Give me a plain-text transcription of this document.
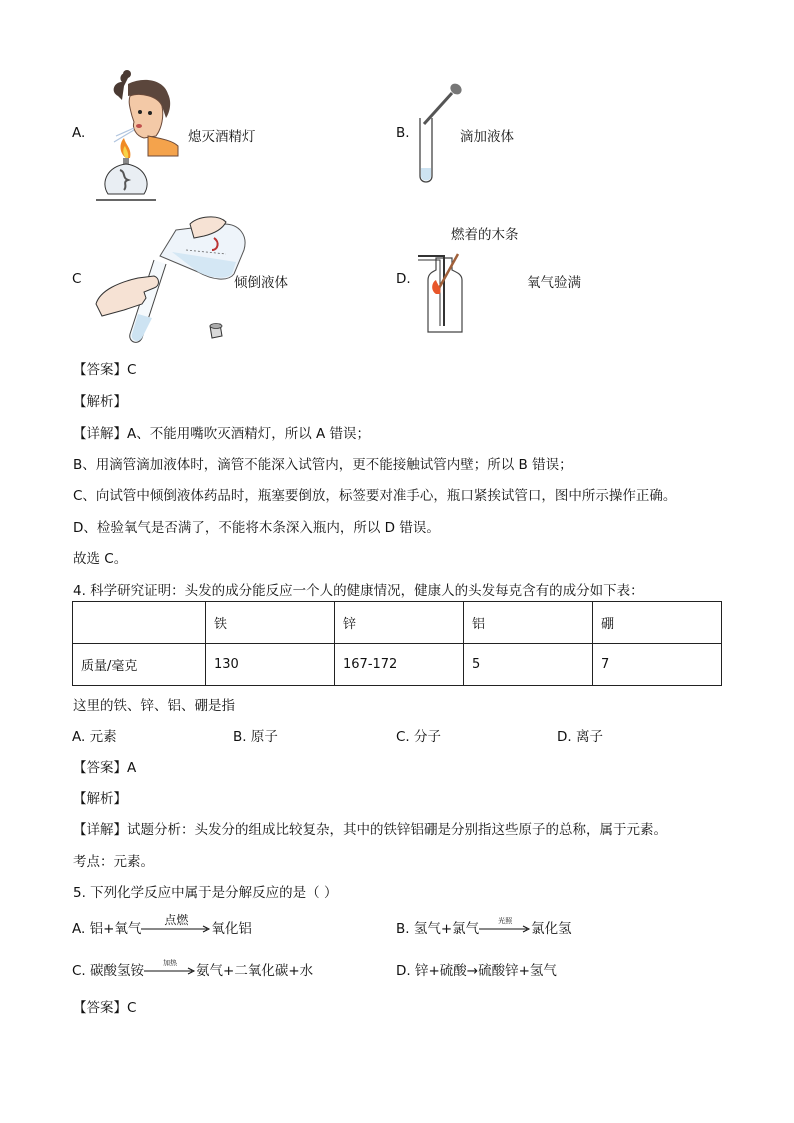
A.	熄灭酒精灯	B.	滴加液体
C	倾倒液体
燃着的木条
D.	氧气验满
【答案】C
【解析】
【详解】A、不能用嘴吹灭酒精灯，所以 A 错误；
B、用滴管滴加液体时，滴管不能深入试管内，更不能接触试管内壁；所以 B 错误；
C、向试管中倾倒液体药品时，瓶塞要倒放，标签要对准手心，瓶口紧挨试管口，图中所示操作正确。
D、检验氧气是否满了，不能将木条深入瓶内，所以 D 错误。
故选 C。
4. 科学研究证明：头发的成分能反应一个人的健康情况，健康人的头发每克含有的成分如下表：
	铁	锌	铝	硼
质量/毫克	130	167-172	5	7
这里的铁、锌、铝、硼是指
A. 元素	B. 原子	C. 分子	D. 离子
【答案】A
【解析】
【详解】试题分析：头发分的组成比较复杂，其中的铁锌铝硼是分别指这些原子的总称，属于元素。
考点：元素。
5. 下列化学反应中属于是分解反应的是（ ）
A. 铝+氧气
点燃
氧化铝	B. 氢气+氯气	光照	氯化氢
C. 碳酸氢铵	加热	氨气+二氧化碳+水	D. 锌+硫酸→硫酸锌+氢气
【答案】C
